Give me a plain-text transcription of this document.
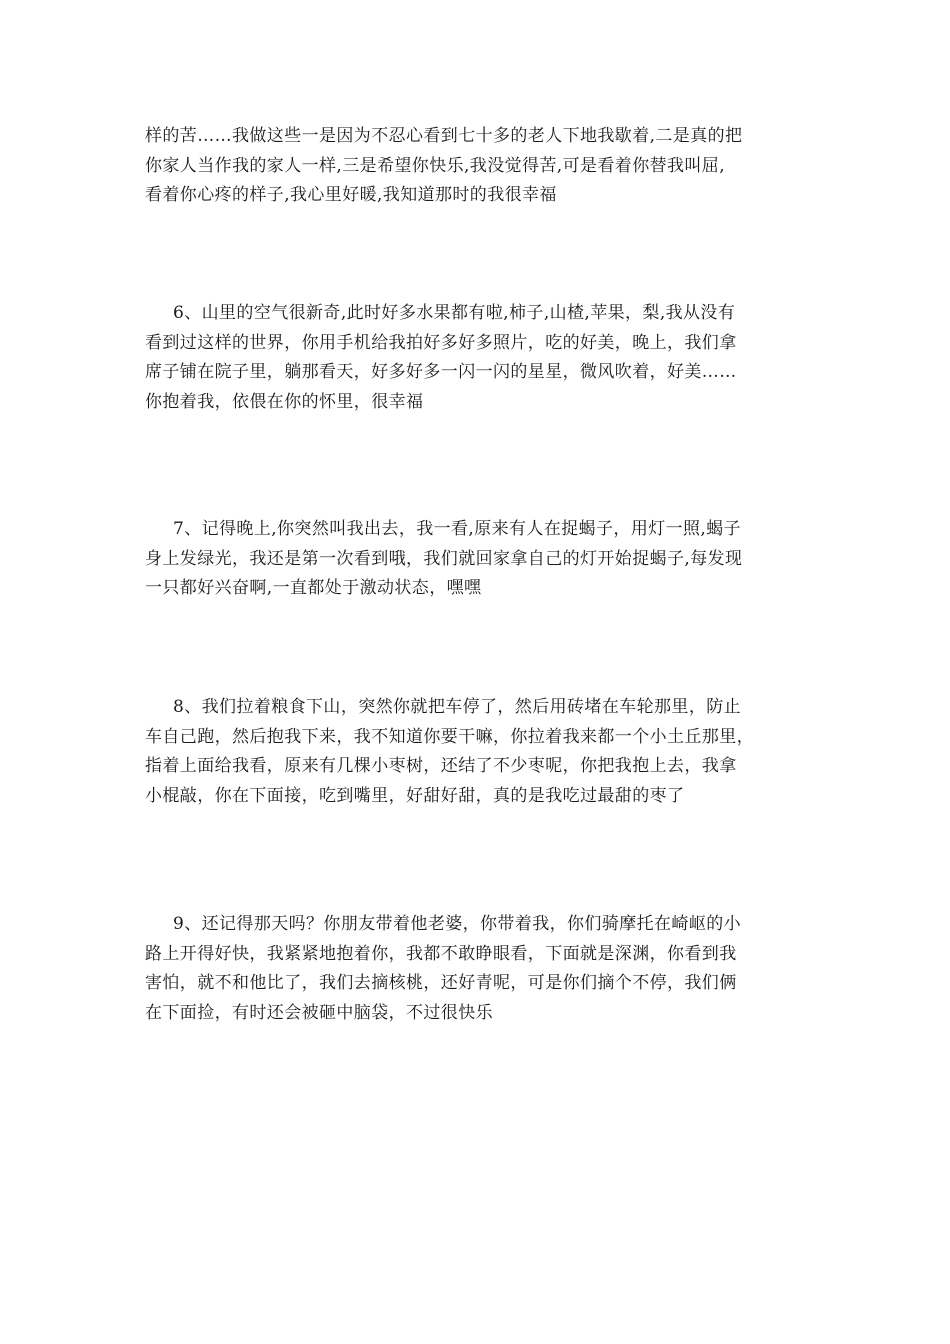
样的苦……我做这些一是因为不忍心看到七十多的老人下地我歇着,二是真的把
你家人当作我的家人一样,三是希望你快乐,我没觉得苦,可是看着你替我叫屈,
看着你心疼的样子,我心里好暖,我知道那时的我很幸福
6、山里的空气很新奇,此时好多水果都有啦,柿子,山楂,苹果，梨,我从没有
看到过这样的世界，你用手机给我拍好多好多照片，吃的好美，晚上，我们拿
席子铺在院子里，躺那看天，好多好多一闪一闪的星星，微风吹着，好美……
你抱着我，依偎在你的怀里，很幸福
7、记得晚上,你突然叫我出去，我一看,原来有人在捉蝎子，用灯一照,蝎子
身上发绿光，我还是第一次看到哦，我们就回家拿自己的灯开始捉蝎子,每发现
一只都好兴奋啊,一直都处于激动状态，嘿嘿
8、我们拉着粮食下山，突然你就把车停了，然后用砖堵在车轮那里，防止
车自己跑，然后抱我下来，我不知道你要干嘛，你拉着我来都一个小土丘那里，
指着上面给我看，原来有几棵小枣树，还结了不少枣呢，你把我抱上去，我拿
小棍敲，你在下面接，吃到嘴里，好甜好甜，真的是我吃过最甜的枣了
9、还记得那天吗？你朋友带着他老婆，你带着我，你们骑摩托在崎岖的小
路上开得好快，我紧紧地抱着你，我都不敢睁眼看，下面就是深渊，你看到我
害怕，就不和他比了，我们去摘核桃，还好青呢，可是你们摘个不停，我们俩
在下面捡，有时还会被砸中脑袋，不过很快乐
